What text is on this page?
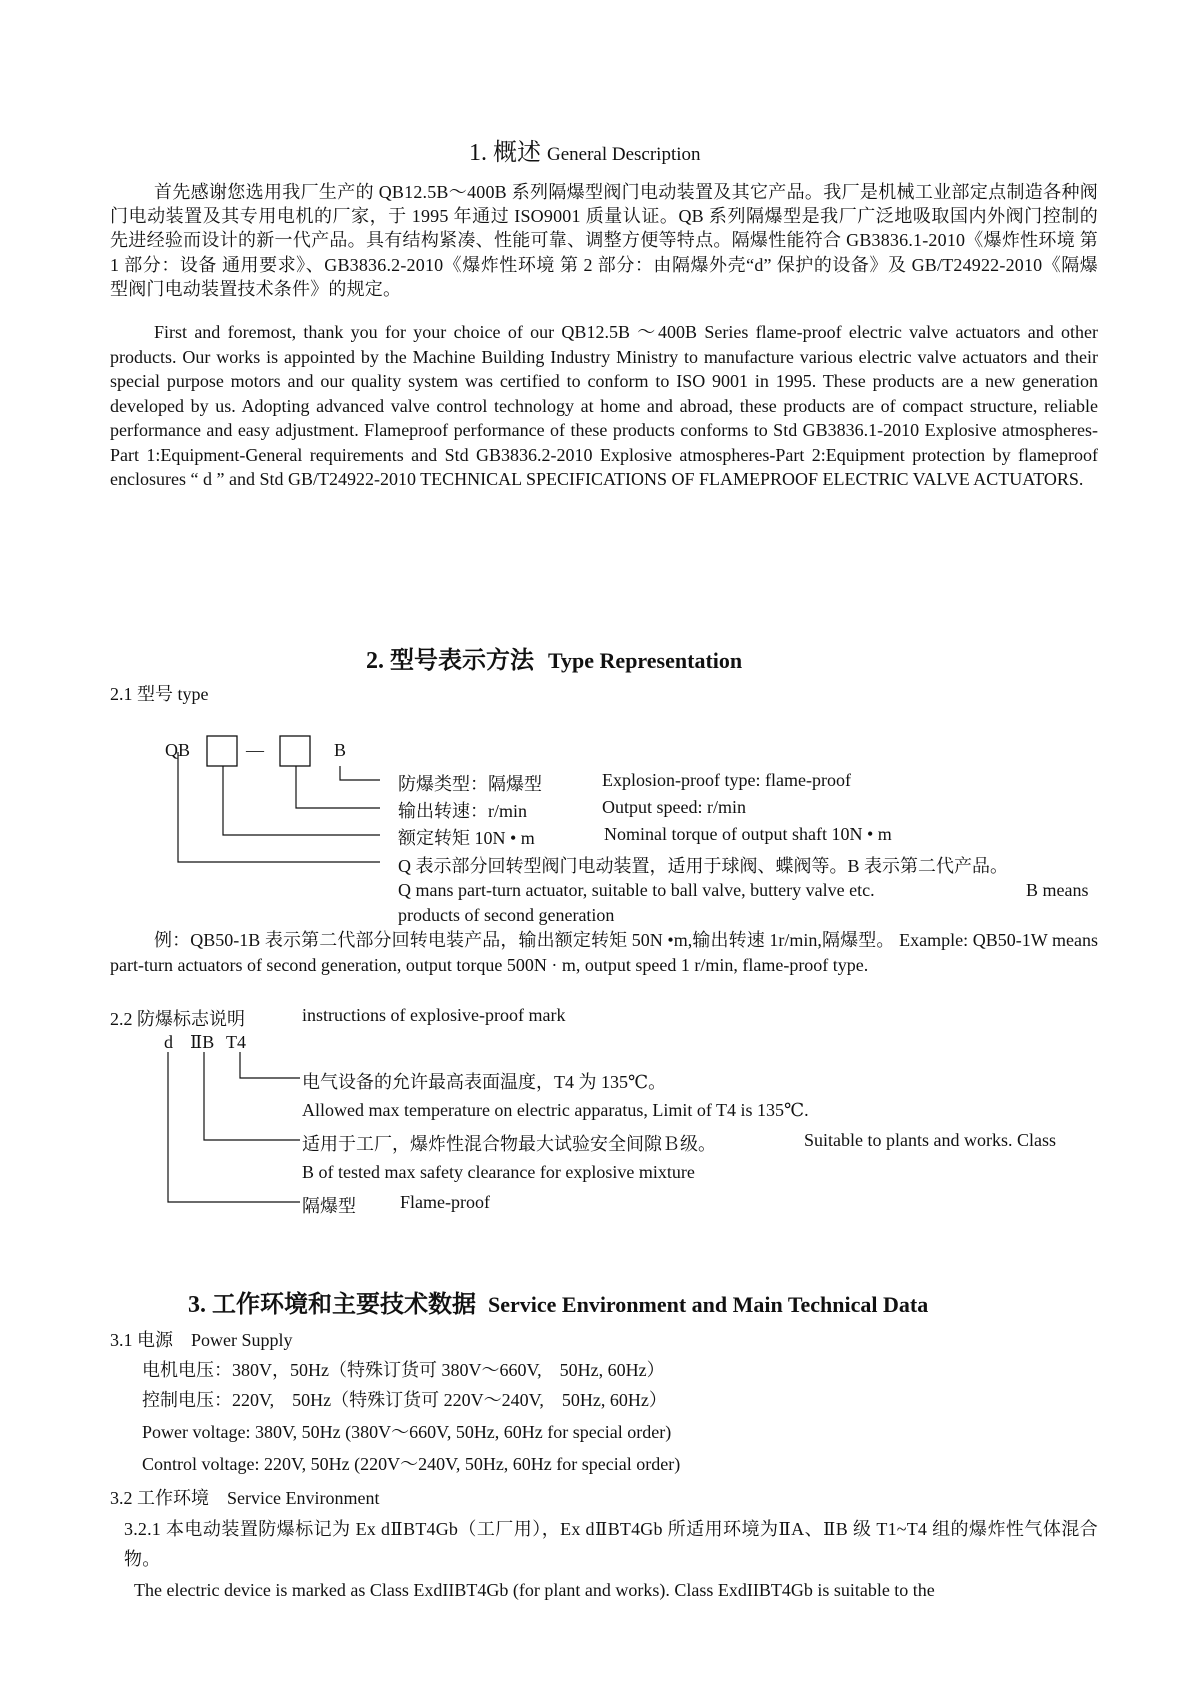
1. 概述 General Description
首先感谢您选用我厂生产的 QB12.5B～400B 系列隔爆型阀门电动装置及其它产品。我厂是机械工业部定点制造各种阀门电动装置及其专用电机的厂家，于 1995 年通过 ISO9001 质量认证。QB 系列隔爆型是我厂广泛地吸取国内外阀门控制的先进经验而设计的新一代产品。具有结构紧凑、性能可靠、调整方便等特点。隔爆性能符合 GB3836.1-2010《爆炸性环境 第 1 部分：设备 通用要求》、GB3836.2-2010《爆炸性环境 第 2 部分：由隔爆外壳“d” 保护的设备》及 GB/T24922-2010《隔爆型阀门电动装置技术条件》的规定。
First and foremost, thank you for your choice of our QB12.5B ～400B Series flame-proof electric valve actuators and other products. Our works is appointed by the Machine Building Industry Ministry to manufacture various electric valve actuators and their special purpose motors and our quality system was certified to conform to ISO 9001 in 1995. These products are a new generation developed by us. Adopting advanced valve control technology at home and abroad, these products are of compact structure, reliable performance and easy adjustment. Flameproof performance of these products conforms to Std GB3836.1-2010 Explosive atmospheres-Part 1:Equipment-General requirements and Std GB3836.2-2010 Explosive atmospheres-Part 2:Equipment protection by flameproof enclosures “ d ” and Std GB/T24922-2010 TECHNICAL SPECIFICATIONS OF FLAMEPROOF ELECTRIC VALVE ACTUATORS.
2. 型号表示方法 Type Representation
2.1 型号 type
QB	—	B
防爆类型：隔爆型	Explosion-proof type: flame-proof
输出转速：r/min	Output speed: r/min
额定转矩 10N • m	Nominal torque of output shaft 10N • m
Q 表示部分回转型阀门电动装置，适用于球阀、蝶阀等。B 表示第二代产品。
Q mans part-turn actuator, suitable to ball valve, buttery valve etc.	B means
products of second generation
例：QB50-1B 表示第二代部分回转电装产品，输出额定转矩 50N •m,输出转速 1r/min,隔爆型。 Example: QB50-1W means part-turn actuators of second generation, output torque 500N · m, output speed 1 r/min, flame-proof type.
2.2 防爆标志说明	instructions of explosive-proof mark
d ⅡB T4
电气设备的允许最高表面温度，T4 为 135℃。
Allowed max temperature on electric apparatus, Limit of T4 is 135℃.
适用于工厂，爆炸性混合物最大试验安全间隙Ｂ级。	Suitable to plants and works. Class
B of tested max safety clearance for explosive mixture
隔爆型 Flame-proof
3. 工作环境和主要技术数据 Service Environment and Main Technical Data
3.1 电源　Power Supply
电机电压：380V，50Hz（特殊订货可 380V～660V,　50Hz, 60Hz）
控制电压：220V,　50Hz（特殊订货可 220V～240V,　50Hz, 60Hz）
Power voltage: 380V, 50Hz (380V～660V, 50Hz, 60Hz for special order)
Control voltage: 220V, 50Hz (220V～240V, 50Hz, 60Hz for special order)
3.2 工作环境　Service Environment
3.2.1 本电动装置防爆标记为 Ex dⅡBT4Gb（工厂用），Ex dⅡBT4Gb 所适用环境为ⅡA、ⅡB 级 T1~T4 组的爆炸性气体混合物。
The electric device is marked as Class ExdIIBT4Gb (for plant and works). Class ExdIIBT4Gb is suitable to the
